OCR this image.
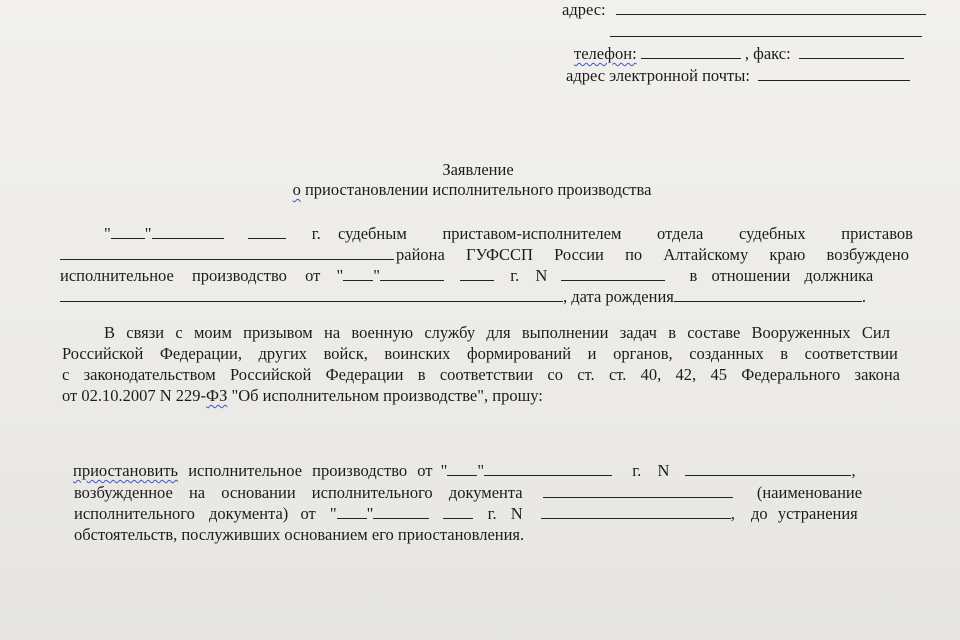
адрес:
телефон:	, факс:
адрес электронной почты:
Заявление
о приостановлении исполнительного производства
" "	г. судебным приставом-исполнителем отдела судебных приставов
района ГУФССП России по Алтайскому краю возбуждено
исполнительное производство от " "	г. N	в отношении должника
, дата рождения	.
В связи с моим призывом на военную службу для выполнении задач в составе Вооруженных Сил
Российской Федерации, других войск, воинских формирований и органов, созданных в соответствии
с законодательством Российской Федерации в соответствии со ст. ст. 40, 42, 45 Федерального закона
от 02.10.2007 N 229-ФЗ "Об исполнительном производстве", прошу:
приостановить исполнительное производство от " "	г. N	,
возбужденное на основании исполнительного документа	(наименование
исполнительного документа) от " "	г. N	, до устранения
обстоятельств, послуживших основанием его приостановления.
